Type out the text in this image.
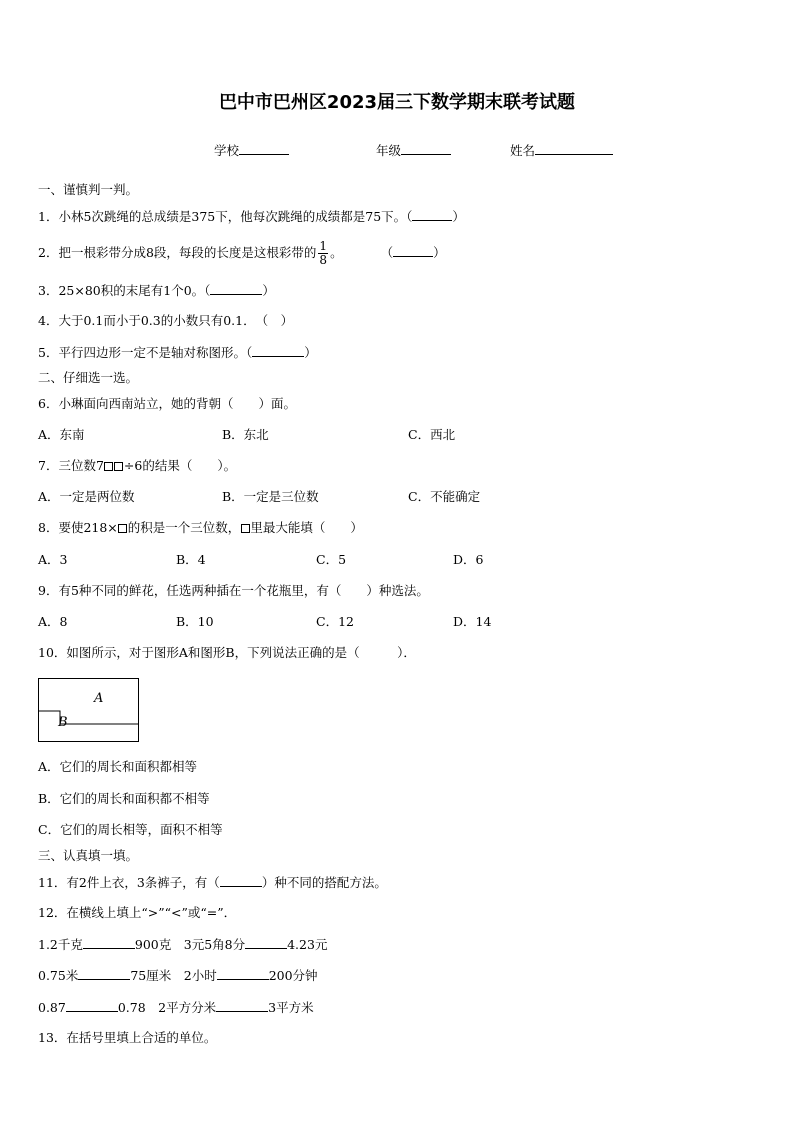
巴中市巴州区2023届三下数学期末联考试题
学校	年级	姓名
一、谨慎判一判。
1．小林5次跳绳的总成绩是375下，他每次跳绳的成绩都是75下。（	）
2．把一根彩带分成8段，每段的长度是这根彩带的 $\frac{1}{8}$ 。	（	）
3．25×80积的末尾有1个0。（	）
4．大于0.1而小于0.3的小数只有0.1．　（　）
5．平行四边形一定不是轴对称图形。（	）
二、仔细选一选。
6．小琳面向西南站立，她的背朝（　　）面。
A．东南	B．东北	C．西北
7．三位数7 ÷6的结果（　　）。
A．一定是两位数	B．一定是三位数	C．不能确定
8．要使218× 的积是一个三位数， 里最大能填（　　）
A．3	B．4	C．5	D．6
9．有5种不同的鲜花，任选两种插在一个花瓶里，有（　　）种选法。
A．8	B．10	C．12	D．14
10．如图所示，对于图形A和图形B，下列说法正确的是（　　　）．
A
B
A．它们的周长和面积都相等
B．它们的周长和面积都不相等
C．它们的周长相等，面积不相等
三、认真填一填。
11．有2件上衣，3条裤子，有（	）种不同的搭配方法。
12．在横线上填上“>”“<”或“=”．
1.2千克	900克　3元5角8分	4.23元
0.75米	75厘米　2小时	200分钟
0.87	0.78　2平方分米	3平方米
13．在括号里填上合适的单位。
